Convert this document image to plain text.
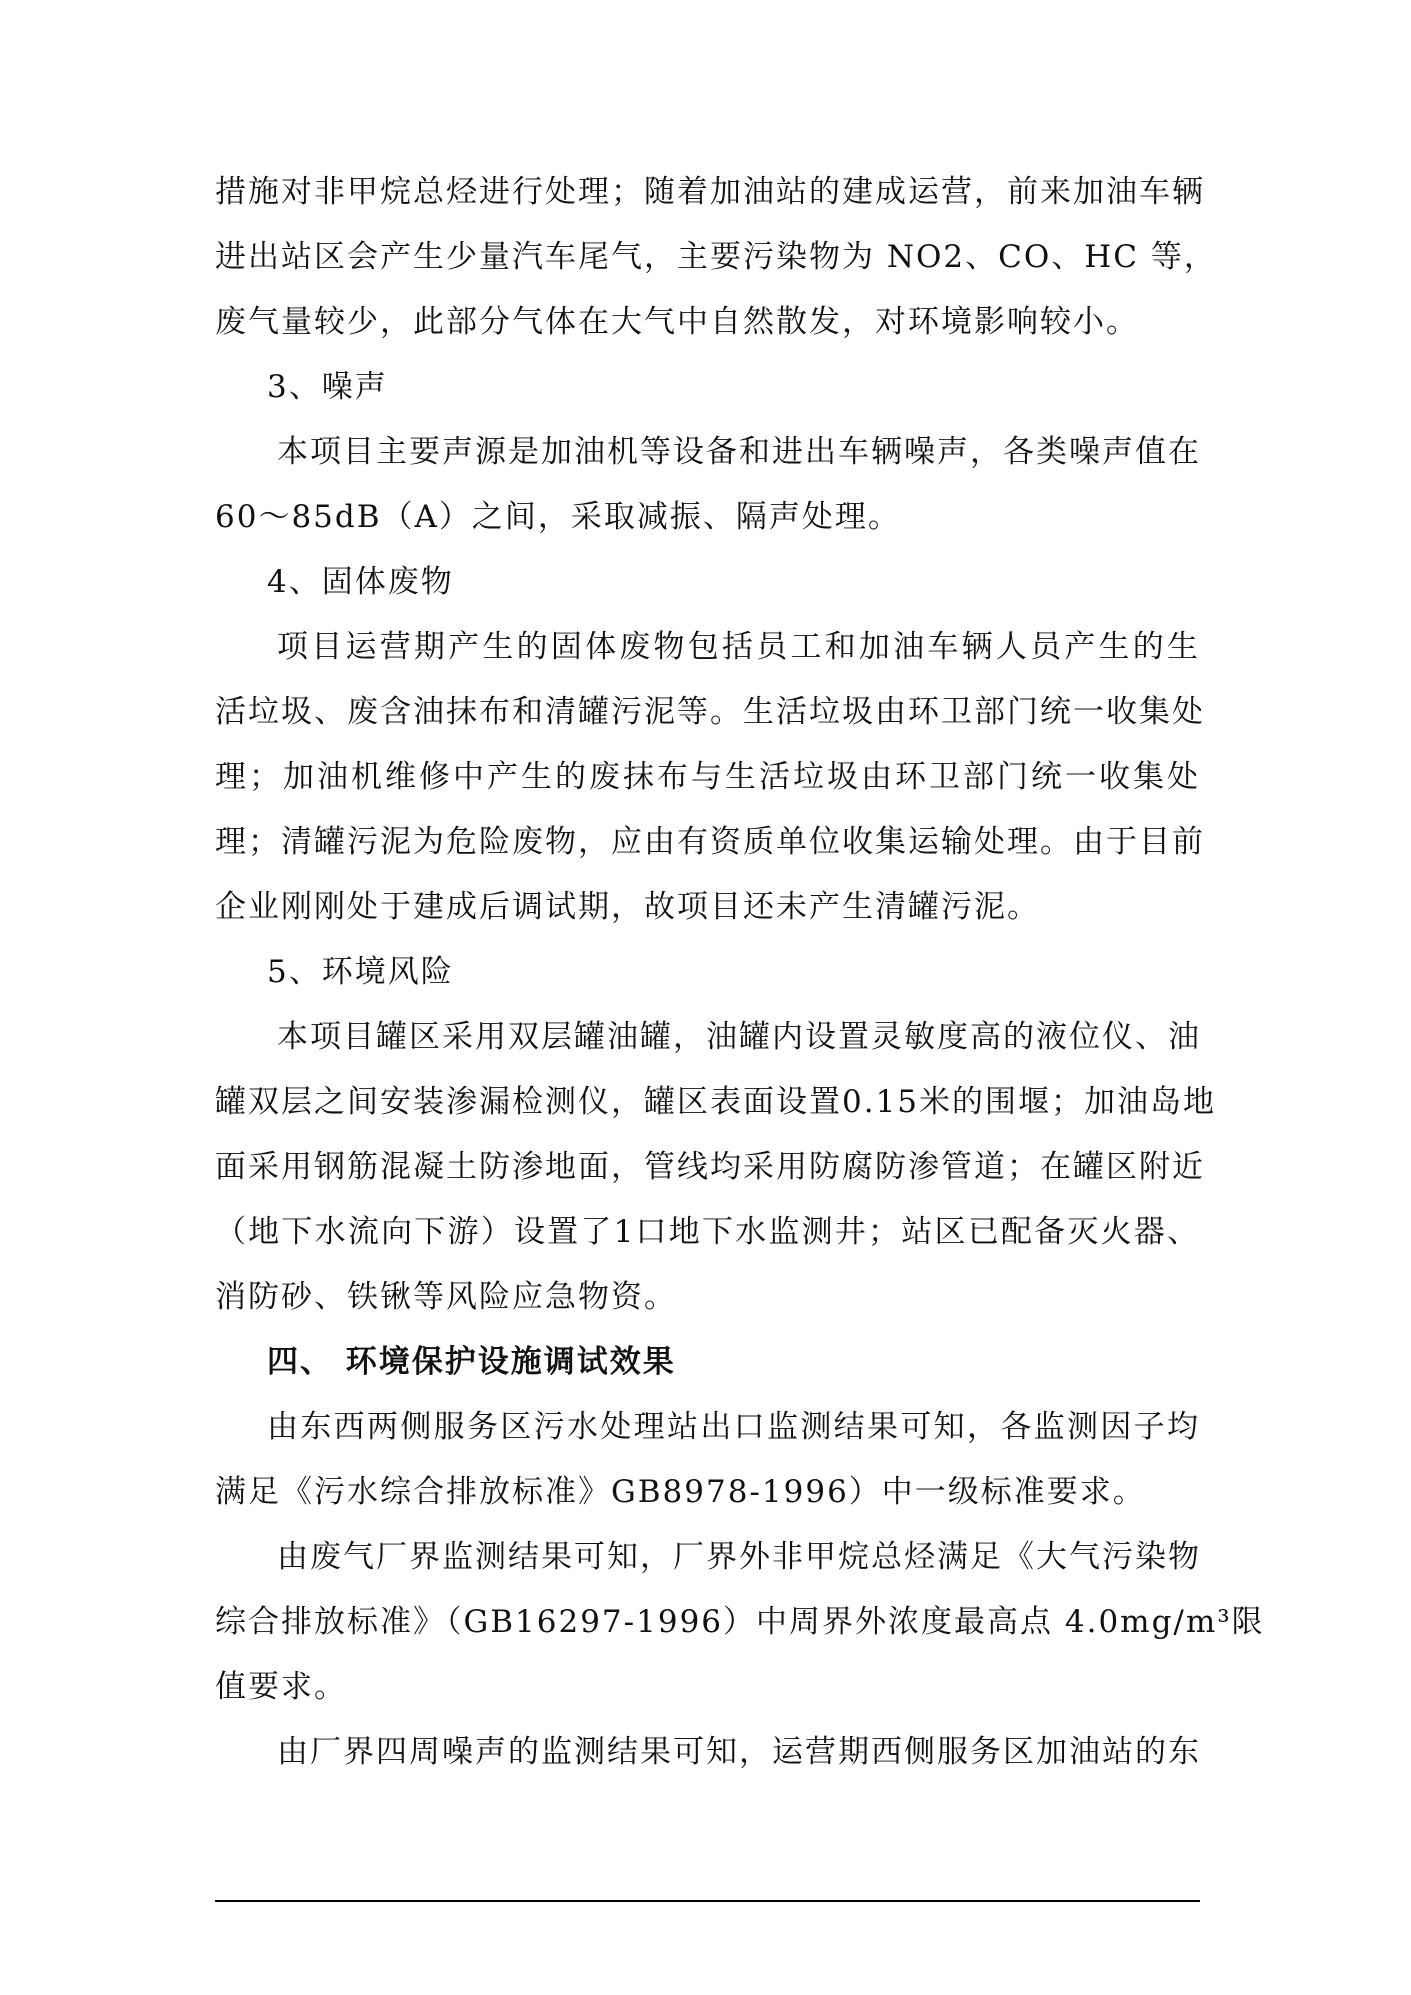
措施对非甲烷总烃进行处理；随着加油站的建成运营，前来加油车辆
进出站区会产生少量汽车尾气，主要污染物为 NO2、CO、HC 等，
废气量较少，此部分气体在大气中自然散发，对环境影响较小。
3、噪声
本项目主要声源是加油机等设备和进出车辆噪声，各类噪声值在
60～85dB（A）之间，采取减振、隔声处理。
4、固体废物
项目运营期产生的固体废物包括员工和加油车辆人员产生的生
活垃圾、废含油抹布和清罐污泥等。生活垃圾由环卫部门统一收集处
理；加油机维修中产生的废抹布与生活垃圾由环卫部门统一收集处
理；清罐污泥为危险废物，应由有资质单位收集运输处理。由于目前
企业刚刚处于建成后调试期，故项目还未产生清罐污泥。
5、环境风险
本项目罐区采用双层罐油罐，油罐内设置灵敏度高的液位仪、油
罐双层之间安装渗漏检测仪，罐区表面设置0.15米的围堰；加油岛地
面采用钢筋混凝土防渗地面，管线均采用防腐防渗管道；在罐区附近
（地下水流向下游）设置了1口地下水监测井；站区已配备灭火器、
消防砂、铁锹等风险应急物资。
四、 环境保护设施调试效果
由东西两侧服务区污水处理站出口监测结果可知，各监测因子均
满足《污水综合排放标准》GB8978-1996）中一级标准要求。
由废气厂界监测结果可知，厂界外非甲烷总烃满足《大气污染物
综合排放标准》（GB16297-1996）中周界外浓度最高点 4.0mg/m³限
值要求。
由厂界四周噪声的监测结果可知，运营期西侧服务区加油站的东
